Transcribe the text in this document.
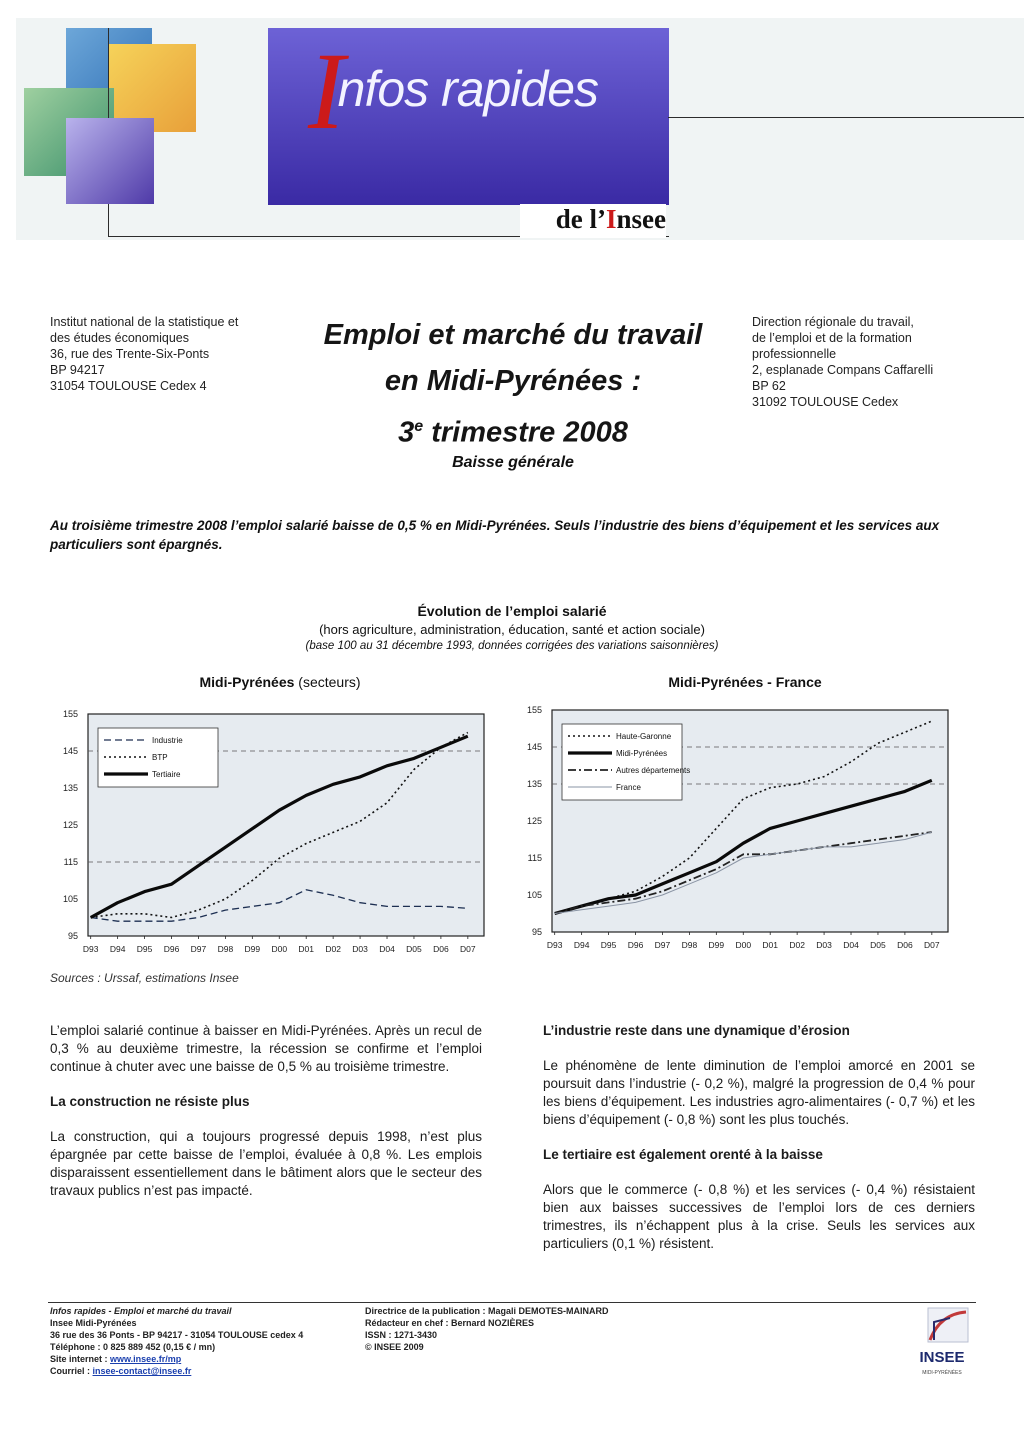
Infos rapides
de l’Insee
Institut national de la statistique et
des études économiques
36, rue des Trente-Six-Ponts
BP 94217
31054 TOULOUSE Cedex 4
Direction régionale du travail,
de l’emploi et de la formation
professionnelle
2, esplanade Compans Caffarelli
BP 62
31092 TOULOUSE Cedex
Emploi et marché du travail
en Midi-Pyrénées :
3e trimestre 2008
Baisse générale
Au troisième trimestre 2008 l’emploi salarié baisse de 0,5 % en Midi-Pyrénées. Seuls l’industrie des biens d’équipement et les services aux particuliers sont épargnés.
Évolution de l’emploi salarié
(hors agriculture, administration, éducation, santé et action sociale)
(base 100 au 31 décembre 1993, données corrigées des variations saisonnières)
Midi-Pyrénées (secteurs)	Midi-Pyrénées - France
95
105
115
125
135
145
155
D93 D94 D95 D96 D97 D98 D99 D00 D01 D02 D03 D04 D05 D06 D07
Industrie
BTP
Tertiaire
95
105
115
125
135
145
155
D93 D94 D95 D96 D97 D98 D99 D00 D01 D02 D03 D04 D05 D06 D07
Haute-Garonne
Midi-Pyrénées
Autres départements
France
Sources : Urssaf, estimations Insee

L’emploi salarié continue à baisser en Midi-Pyrénées. Après un recul de 0,3 % au deuxième trimestre, la récession se confirme et l’emploi continue à chuter avec une baisse de 0,5 % au troisième trimestre.

La construction ne résiste plus

La construction, qui a toujours progressé depuis 1998, n’est plus épargnée par cette baisse de l’emploi, évaluée à 0,8 %. Les emplois disparaissent essentiellement dans le bâtiment alors que le secteur des travaux publics n’est pas impacté.

L’industrie reste dans une dynamique d’érosion

Le phénomène de lente diminution de l’emploi amorcé en 2001 se poursuit dans l’industrie (- 0,2 %), malgré la progression de 0,4 % pour les biens d’équipement. Les industries agro-alimentaires (- 0,7 %) et les biens d’équipement (- 0,8 %) sont les plus touchés.

Le tertiaire est également orenté à la baisse

Alors que le commerce (- 0,8 %) et les services (- 0,4 %) résistaient bien aux baisses successives de l’emploi lors de ces derniers trimestres, ils n’échappent plus à la crise. Seuls les services aux particuliers (0,1 %) résistent.

Infos rapides - Emploi et marché du travail
Insee Midi-Pyrénées
36 rue des 36 Ponts - BP 94217 - 31054 TOULOUSE cedex 4
Téléphone : 0 825 889 452 (0,15 € / mn)
Site internet : www.insee.fr/mp
Courriel : insee-contact@insee.fr
Directrice de la publication : Magali DEMOTES-MAINARD
Rédacteur en chef : Bernard NOZIÈRES
ISSN : 1271-3430
© INSEE 2009
INSEE
MIDI-PYRÉNÉES
